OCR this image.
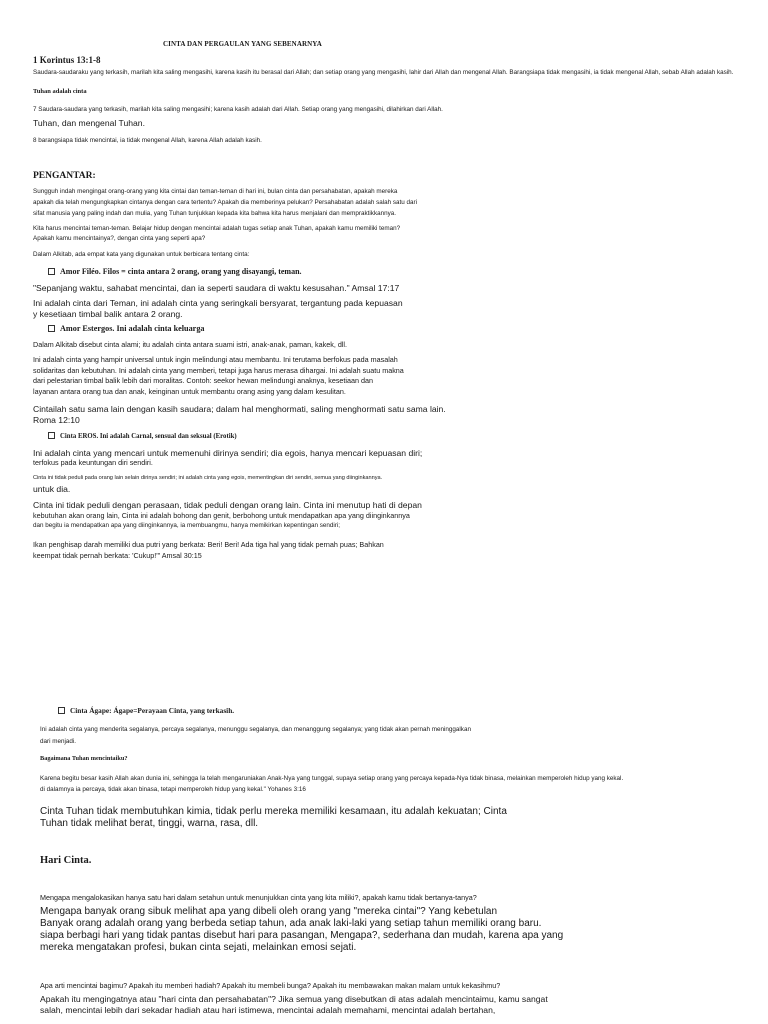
CINTA DAN PERGAULAN YANG SEBENARNYA
1 Korintus 13:1-8
Saudara-saudaraku yang terkasih, marilah kita saling mengasihi, karena kasih itu berasal dari Allah; dan setiap orang yang mengasihi, lahir dari Allah dan mengenal Allah. Barangsiapa tidak mengasihi, ia tidak mengenal Allah, sebab Allah adalah kasih.
Tuhan adalah cinta
7 Saudara-saudara yang terkasih, marilah kita saling mengasihi; karena kasih adalah dari Allah. Setiap orang yang mengasihi, dilahirkan dari Allah.
Tuhan, dan mengenal Tuhan.
8 barangsiapa tidak mencintai, ia tidak mengenal Allah, karena Allah adalah kasih.
PENGANTAR:

Sungguh indah mengingat orang-orang yang kita cintai dan teman-teman di hari ini, bulan cinta dan persahabatan, apakah mereka

apakah dia telah mengungkapkan cintanya dengan cara tertentu? Apakah dia memberinya pelukan? Persahabatan adalah salah satu dari

sifat manusia yang paling indah dan mulia, yang Tuhan tunjukkan kepada kita bahwa kita harus menjalani dan mempraktikkannya.

Kita harus mencintai teman-teman. Belajar hidup dengan mencintai adalah tugas setiap anak Tuhan, apakah kamu memiliki teman?

Apakah kamu mencintainya?, dengan cinta yang seperti apa?

Dalam Alkitab, ada empat kata yang digunakan untuk berbicara tentang cinta:
Amor Filéo. Filos = cinta antara 2 orang, orang yang disayangi, teman.
"Sepanjang waktu, sahabat mencintai, dan ia seperti saudara di waktu kesusahan." Amsal 17:17

Ini adalah cinta dari Teman, ini adalah cinta yang seringkali bersyarat, tergantung pada kepuasan

y kesetiaan timbal balik antara 2 orang.

Amor Estergos. Ini adalah cinta keluarga
Dalam Alkitab disebut cinta alami; itu adalah cinta antara suami istri, anak-anak, paman, kakek, dll.

Ini adalah cinta yang hampir universal untuk ingin melindungi atau membantu. Ini terutama berfokus pada masalah

solidaritas dan kebutuhan. Ini adalah cinta yang memberi, tetapi juga harus merasa dihargai. Ini adalah suatu makna

dari pelestarian timbal balik lebih dari moralitas. Contoh: seekor hewan melindungi anaknya, kesetiaan dan

layanan antara orang tua dan anak, keinginan untuk membantu orang asing yang dalam kesulitan.

Cintailah satu sama lain dengan kasih saudara; dalam hal menghormati, saling menghormati satu sama lain.

Roma 12:10

Cinta EROS. Ini adalah Carnal, sensual dan seksual (Erotik)

Ini adalah cinta yang mencari untuk memenuhi dirinya sendiri; dia egois, hanya mencari kepuasan diri;

terfokus pada keuntungan diri sendiri.

Cinta ini tidak peduli pada orang lain selain dirinya sendiri; ini adalah cinta yang egois, mementingkan diri sendiri, semua yang diinginkannya.

untuk dia.

Cinta ini tidak peduli dengan perasaan, tidak peduli dengan orang lain. Cinta ini menutup hati di depan

kebutuhan akan orang lain, Cinta ini adalah bohong dan genit, berbohong untuk mendapatkan apa yang diinginkannya

dan begitu ia mendapatkan apa yang diinginkannya, ia membuangmu, hanya memikirkan kepentingan sendiri;

Ikan penghisap darah memiliki dua putri yang berkata: Beri! Beri! Ada tiga hal yang tidak pernah puas; Bahkan

keempat tidak pernah berkata: 'Cukup!'" Amsal 30:15

Cinta Ágape: Ágape=Perayaan Cinta, yang terkasih.

Ini adalah cinta yang menderita segalanya, percaya segalanya, menunggu segalanya, dan menanggung segalanya; yang tidak akan pernah meninggalkan

dari menjadi.

Bagaimana Tuhan mencintaiku?

Karena begitu besar kasih Allah akan dunia ini, sehingga Ia telah mengaruniakan Anak-Nya yang tunggal, supaya setiap orang yang percaya kepada-Nya tidak binasa, melainkan memperoleh hidup yang kekal.

di dalamnya ia percaya, tidak akan binasa, tetapi memperoleh hidup yang kekal." Yohanes 3:16

Cinta Tuhan tidak membutuhkan kimia, tidak perlu mereka memiliki kesamaan, itu adalah kekuatan; Cinta

Tuhan tidak melihat berat, tinggi, warna, rasa, dll.

Hari Cinta.
Mengapa mengalokasikan hanya satu hari dalam setahun untuk menunjukkan cinta yang kita miliki?, apakah kamu tidak bertanya-tanya?

Mengapa banyak orang sibuk melihat apa yang dibeli oleh orang yang "mereka cintai"? Yang kebetulan

Banyak orang adalah orang yang berbeda setiap tahun, ada anak laki-laki yang setiap tahun memiliki orang baru.

siapa berbagi hari yang tidak pantas disebut hari para pasangan, Mengapa?, sederhana dan mudah, karena apa yang

mereka mengatakan profesi, bukan cinta sejati, melainkan emosi sejati.

Apa arti mencintai bagimu? Apakah itu memberi hadiah? Apakah itu membeli bunga? Apakah itu membawakan makan malam untuk kekasihmu?

Apakah itu mengingatnya atau "hari cinta dan persahabatan"? Jika semua yang disebutkan di atas adalah mencintaimu, kamu sangat

salah, mencintai lebih dari sekadar hadiah atau hari istimewa, mencintai adalah memahami, mencintai adalah bertahan,
